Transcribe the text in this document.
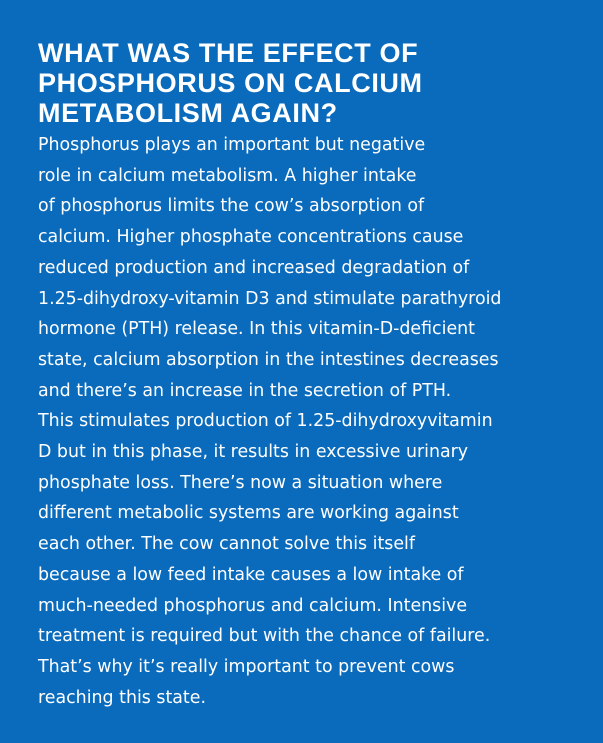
WHAT WAS THE EFFECT OF PHOSPHORUS ON CALCIUM METABOLISM AGAIN?
Phosphorus plays an important but negative
role in calcium metabolism. A higher intake
of phosphorus limits the cow’s absorption of
calcium. Higher phosphate concentrations cause
reduced production and increased degradation of
1.25-dihydroxy-vitamin D3 and stimulate parathyroid
hormone (PTH) release. In this vitamin-D-deficient
state, calcium absorption in the intestines decreases
and there’s an increase in the secretion of PTH.
This stimulates production of 1.25-dihydroxyvitamin
D but in this phase, it results in excessive urinary
phosphate loss. There’s now a situation where
different metabolic systems are working against
each other. The cow cannot solve this itself
because a low feed intake causes a low intake of
much-needed phosphorus and calcium. Intensive
treatment is required but with the chance of failure.
That’s why it’s really important to prevent cows
reaching this state.
